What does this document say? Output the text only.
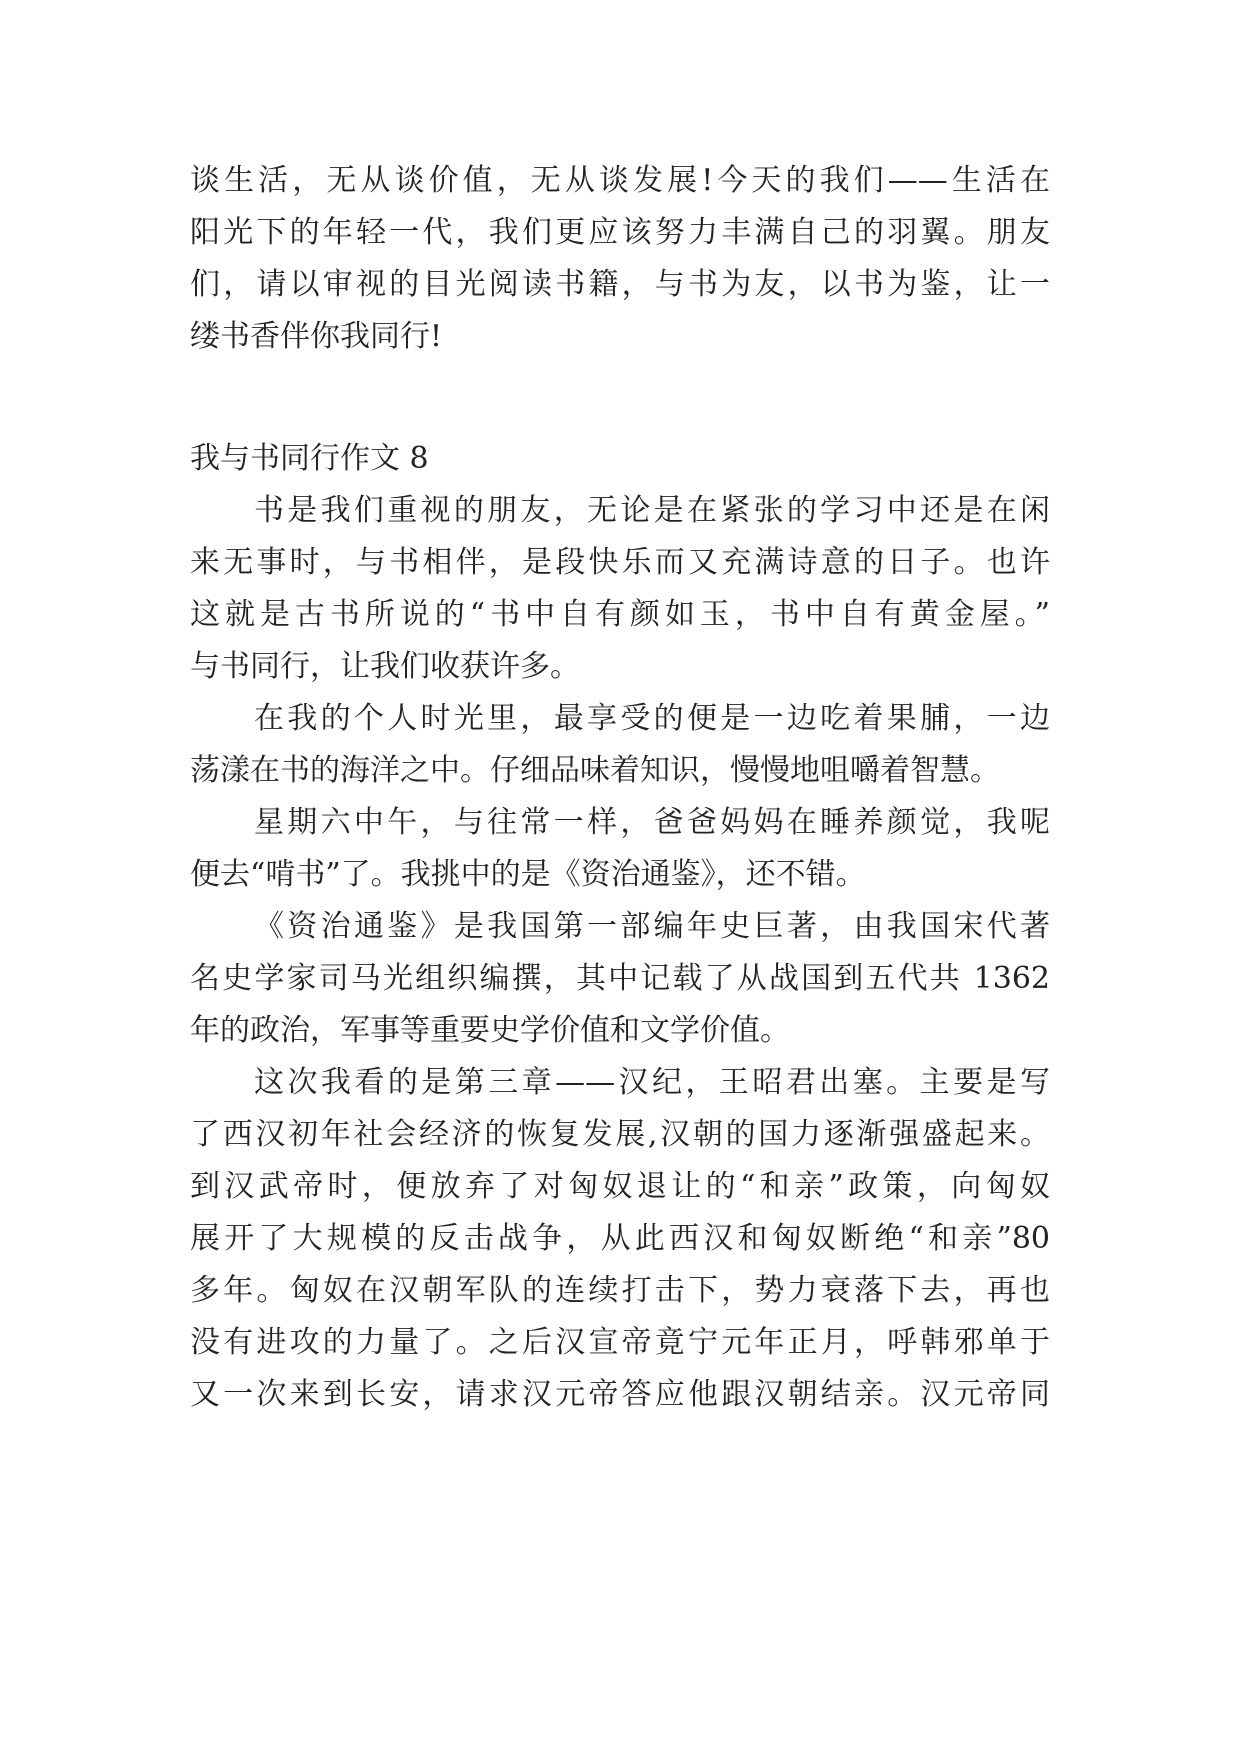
谈生活，无从谈价值，无从谈发展!今天的我们——生活在
阳光下的年轻一代，我们更应该努力丰满自己的羽翼。朋友
们，请以审视的目光阅读书籍，与书为友，以书为鉴，让一
缕书香伴你我同行!
我与书同行作文 8
书是我们重视的朋友，无论是在紧张的学习中还是在闲
来无事时，与书相伴，是段快乐而又充满诗意的日子。也许
这就是古书所说的“书中自有颜如玉，书中自有黄金屋。”
与书同行，让我们收获许多。
在我的个人时光里，最享受的便是一边吃着果脯，一边
荡漾在书的海洋之中。仔细品味着知识，慢慢地咀嚼着智慧。
星期六中午，与往常一样，爸爸妈妈在睡养颜觉，我呢
便去“啃书”了。我挑中的是《资治通鉴》，还不错。
《资治通鉴》是我国第一部编年史巨著，由我国宋代著
名史学家司马光组织编撰，其中记载了从战国到五代共 1362
年的政治，军事等重要史学价值和文学价值。
这次我看的是第三章——汉纪，王昭君出塞。主要是写
了西汉初年社会经济的恢复发展,汉朝的国力逐渐强盛起来。
到汉武帝时，便放弃了对匈奴退让的“和亲”政策，向匈奴
展开了大规模的反击战争，从此西汉和匈奴断绝“和亲”80
多年。匈奴在汉朝军队的连续打击下，势力衰落下去，再也
没有进攻的力量了。之后汉宣帝竟宁元年正月，呼韩邪单于
又一次来到长安，请求汉元帝答应他跟汉朝结亲。汉元帝同
